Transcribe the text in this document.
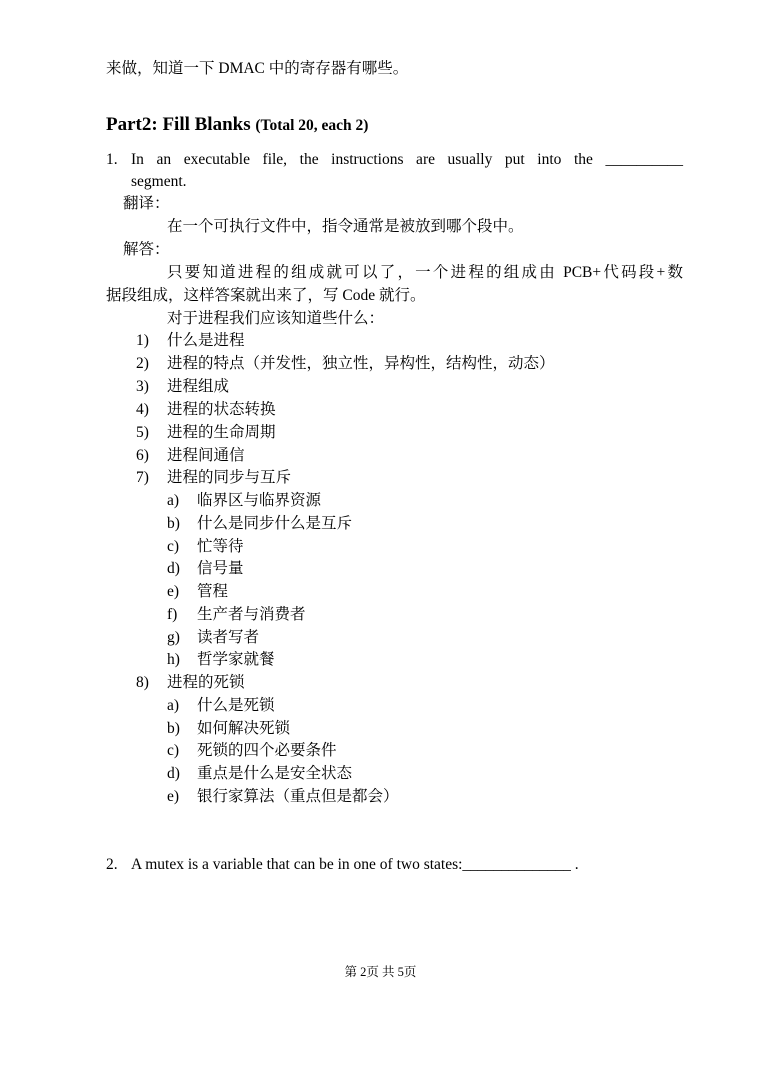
来做，知道一下 DMAC 中的寄存器有哪些。
Part2: Fill Blanks (Total 20, each 2)
1. In an executable file, the instructions are usually put into the __________
segment.
翻译：
在一个可执行文件中，指令通常是被放到哪个段中。
解答：
只要知道进程的组成就可以了，一个进程的组成由 PCB+代码段+数
据段组成，这样答案就出来了，写 Code 就行。
对于进程我们应该知道些什么：
1) 什么是进程
2) 进程的特点（并发性，独立性，异构性，结构性，动态）
3) 进程组成
4) 进程的状态转换
5) 进程的生命周期
6) 进程间通信
7) 进程的同步与互斥
a) 临界区与临界资源
b) 什么是同步什么是互斥
c) 忙等待
d) 信号量
e) 管程
f) 生产者与消费者
g) 读者写者
h) 哲学家就餐
8) 进程的死锁
a) 什么是死锁
b) 如何解决死锁
c) 死锁的四个必要条件
d) 重点是什么是安全状态
e) 银行家算法（重点但是都会）
2. A mutex is a variable that can be in one of two states:______________ .
第 2页 共 5页
